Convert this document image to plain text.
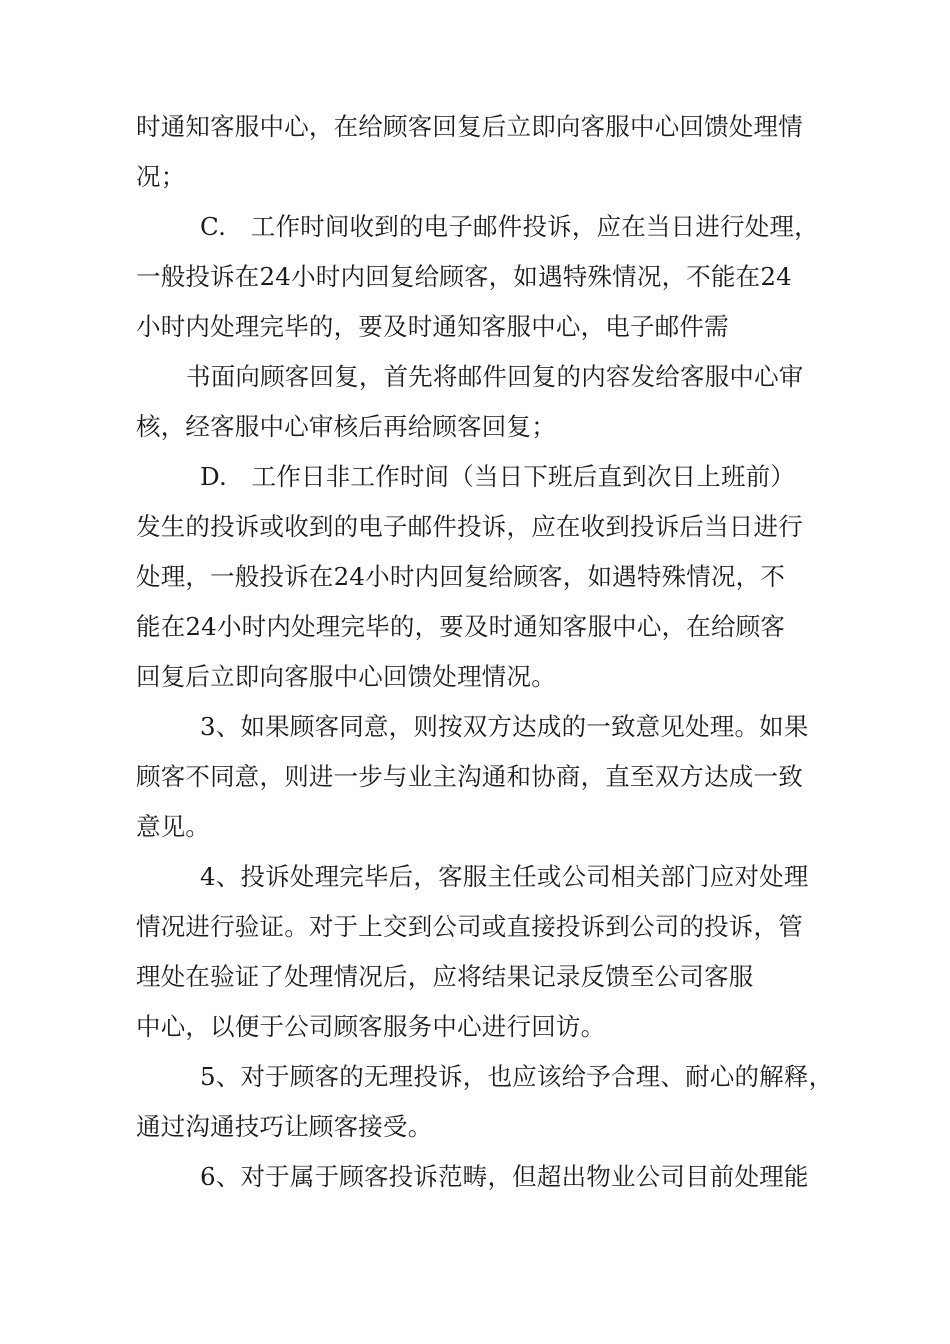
时通知客服中心，在给顾客回复后立即向客服中心回馈处理情
况；
C.　工作时间收到的电子邮件投诉，应在当日进行处理，
一般投诉在24小时内回复给顾客，如遇特殊情况，不能在24
小时内处理完毕的，要及时通知客服中心，电子邮件需
书面向顾客回复，首先将邮件回复的内容发给客服中心审
核，经客服中心审核后再给顾客回复；
D.　工作日非工作时间（当日下班后直到次日上班前）
发生的投诉或收到的电子邮件投诉，应在收到投诉后当日进行
处理，一般投诉在24小时内回复给顾客，如遇特殊情况，不
能在24小时内处理完毕的，要及时通知客服中心，在给顾客
回复后立即向客服中心回馈处理情况。
3、如果顾客同意，则按双方达成的一致意见处理。如果
顾客不同意，则进一步与业主沟通和协商，直至双方达成一致
意见。
4、投诉处理完毕后，客服主任或公司相关部门应对处理
情况进行验证。对于上交到公司或直接投诉到公司的投诉，管
理处在验证了处理情况后，应将结果记录反馈至公司客服
中心，以便于公司顾客服务中心进行回访。
5、对于顾客的无理投诉，也应该给予合理、耐心的解释，
通过沟通技巧让顾客接受。
6、对于属于顾客投诉范畴，但超出物业公司目前处理能
